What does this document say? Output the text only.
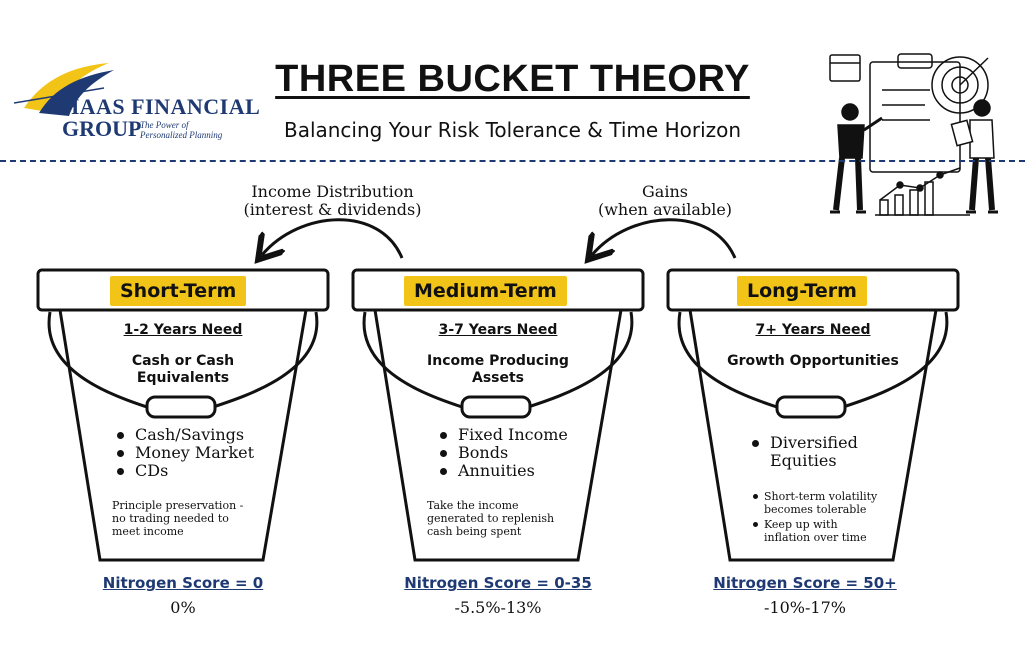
HAAS FINANCIAL
GROUP
The Power of
Personalized Planning
THREE BUCKET THEORY
Balancing Your Risk Tolerance & Time Horizon
Income Distribution
(interest & dividends)
Gains
(when available)
Short-Term
1-2 Years Need
Cash or Cash
Equivalents
Cash/Savings
Money Market
CDs
Principle preservation - no trading needed to meet income
Nitrogen Score = 0
0%
Medium-Term
3-7 Years Need
Income Producing
Assets
Fixed Income
Bonds
Annuities
Take the income generated to replenish cash being spent
Nitrogen Score = 0-35
-5.5%-13%
Long-Term
7+ Years Need
Growth Opportunities
Diversified
Equities
Short-term volatility becomes tolerable
Keep up with inflation over time
Nitrogen Score = 50+
-10%-17%
